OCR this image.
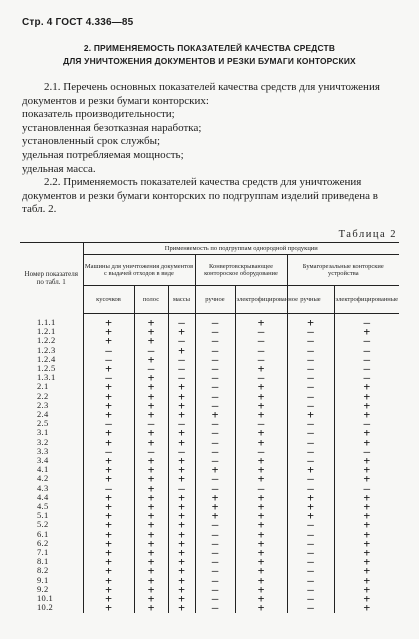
Стр. 4 ГОСТ 4.336—85
2. ПРИМЕНЯЕМОСТЬ ПОКАЗАТЕЛЕЙ КАЧЕСТВА СРЕДСТВ
ДЛЯ УНИЧТОЖЕНИЯ ДОКУМЕНТОВ И РЕЗКИ БУМАГИ КОНТОРСКИХ

2.1. Перечень основных показателей качества средств для уничтожения документов и резки бумаги конторских:

показатель производительности;

установленная безотказная наработка;

установленный срок службы;

удельная потребляемая мощность;

удельная масса.

2.2. Применяемость показателей качества средств для уничтожения документов и резки бумаги конторских по подгруппам изделий приведена в табл. 2.

Таблица 2
Номер показателя по табл. 1	Применяемость по подгруппам однородной продукции						
	Машины для уничтожения документов с выдачей отходов в виде			Конвертовскрывающее контороское оборудование		Бумагорезальные конторские устройства	
	кусочков	полос	массы	ручное	электрофицированное	ручные	электрофицированные
1.1.1	+	+	—	—	+	+	—
1.2.1	+	+	+	—	—	—	+
1.2.2	+	+	—	—	—	—	—
1.2.3	—	—	+	—	—	—	—
1.2.4	—	+	—	—	—	—	—
1.2.5	+	—	—	—	+	—	—
1.3.1	—	+	—	—	—	—	—
2.1	+	+	+	—	+	—	+
2.2	+	+	+	—	+	—	+
2.3	+	+	+	—	+	—	+
2.4	+	+	+	+	+	+	+
2.5	—	—	—	—	—	—	—
3.1	+	+	+	—	+	—	+
3.2	+	+	+	—	+	—	+
3.3	—	—	—	—	—	—	—
3.4	+	+	+	—	+	—	+
4.1	+	+	+	+	+	+	+
4.2	+	+	+	—	+	—	+
4.3	—	+	—	—	—	—	—
4.4	+	+	+	+	+	+	+
4.5	+	+	+	+	+	+	+
5.1	+	+	+	+	+	+	+
5.2	+	+	+	—	+	—	+
6.1	+	+	+	—	+	—	+
6.2	+	+	+	—	+	—	+
7.1	+	+	+	—	+	—	+
8.1	+	+	+	—	+	—	+
8.2	+	+	+	—	+	—	+
9.1	+	+	+	—	+	—	+
9.2	+	+	+	—	+	—	+
10.1	+	+	+	—	+	—	+
10.2	+	+	+	—	+	—	+
